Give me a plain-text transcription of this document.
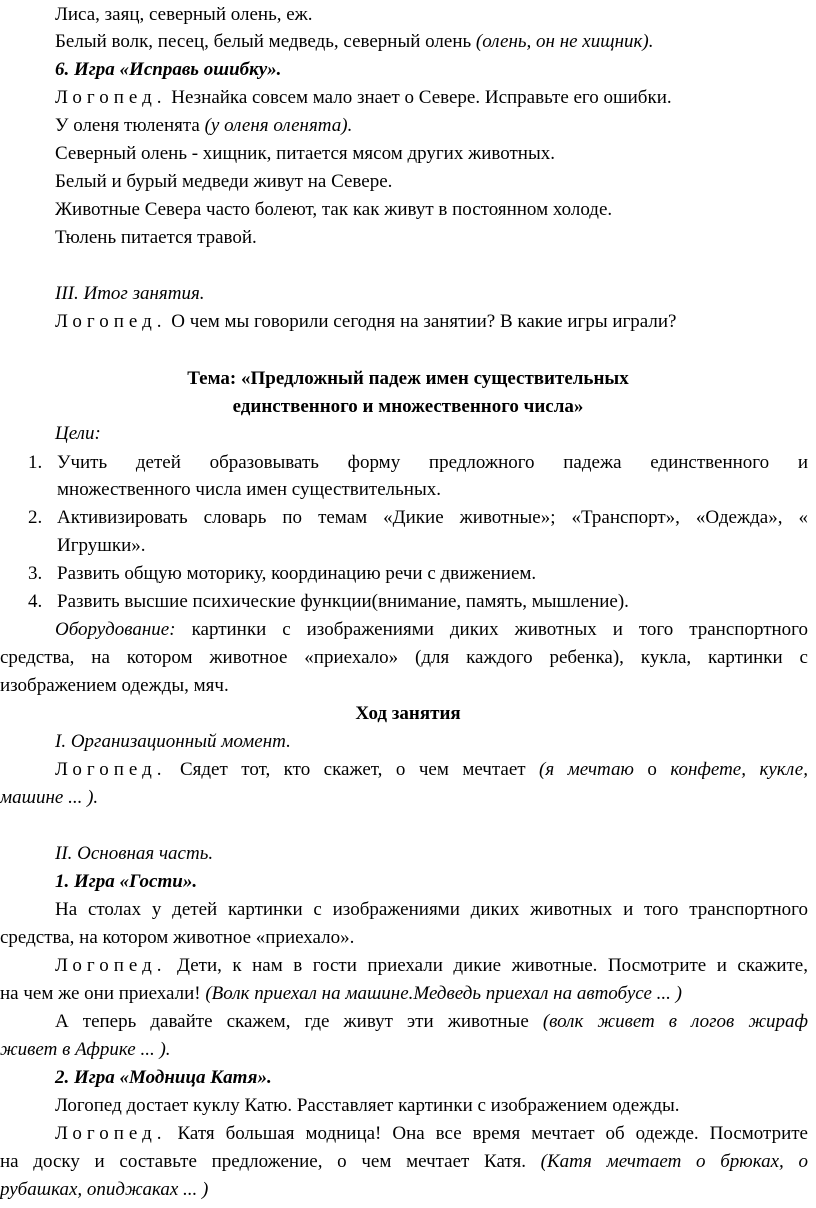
Лиса, заяц, северный олень, еж.
Белый волк, песец, белый медведь, северный олень (олень, он не хищник).
6. Игра «Исправь ошибку».
Логопед. Незнайка совсем мало знает о Севере. Исправьте его ошибки.
У оленя тюленята (у оленя оленята).
Северный олень - хищник, питается мясом других животных.
Белый и бурый медведи живут на Севере.
Животные Севера часто болеют, так как живут в постоянном холоде.
Тюлень питается травой.
III. Итог занятия.
Логопед. О чем мы говорили сегодня на занятии? В какие игры играли?
Тема: «Предложный падеж имен существительных
единственного и множественного числа»
Цели:
1. Учить детей образовывать форму предложного падежа единственного и
множественного числа имен существительных.
2. Активизировать словарь по темам «Дикие животные»; «Транспорт», «Одежда», «
Игрушки».
3. Развить общую моторику, координацию речи с движением.
4. Развить высшие психические функции(внимание, память, мышление).
Оборудование: картинки с изображениями диких животных и того транспортного
средства, на котором животное «приехало» (для каждого ребенка), кукла, картинки с
изображением одежды, мяч.
Ход занятия
I. Организационный момент.
Логопед. Сядет тот, кто скажет, о чем мечтает (я мечтаю о конфете, кукле,
машине ... ).
II. Основная часть.
1. Игра «Гости».
На столах у детей картинки с изображениями диких животных и того транспортного
средства, на котором животное «приехало».
Логопед. Дети, к нам в гости приехали дикие животные. Посмотрите и скажите,
на чем же они приехали! (Волк приехал на машине.Медведь приехал на автобусе ... )
А теперь давайте скажем, где живут эти животные (волк живет в логов жираф
живет в Африке ... ).
2. Игра «Модница Катя».
Логопед достает куклу Катю. Расставляет картинки с изображением одежды.
Логопед. Катя большая модница! Она все время мечтает об одежде. Посмотрите
на доску и составьте предложение, о чем мечтает Катя. (Катя мечтает о брюках, о
рубашках, опиджаках ... )
